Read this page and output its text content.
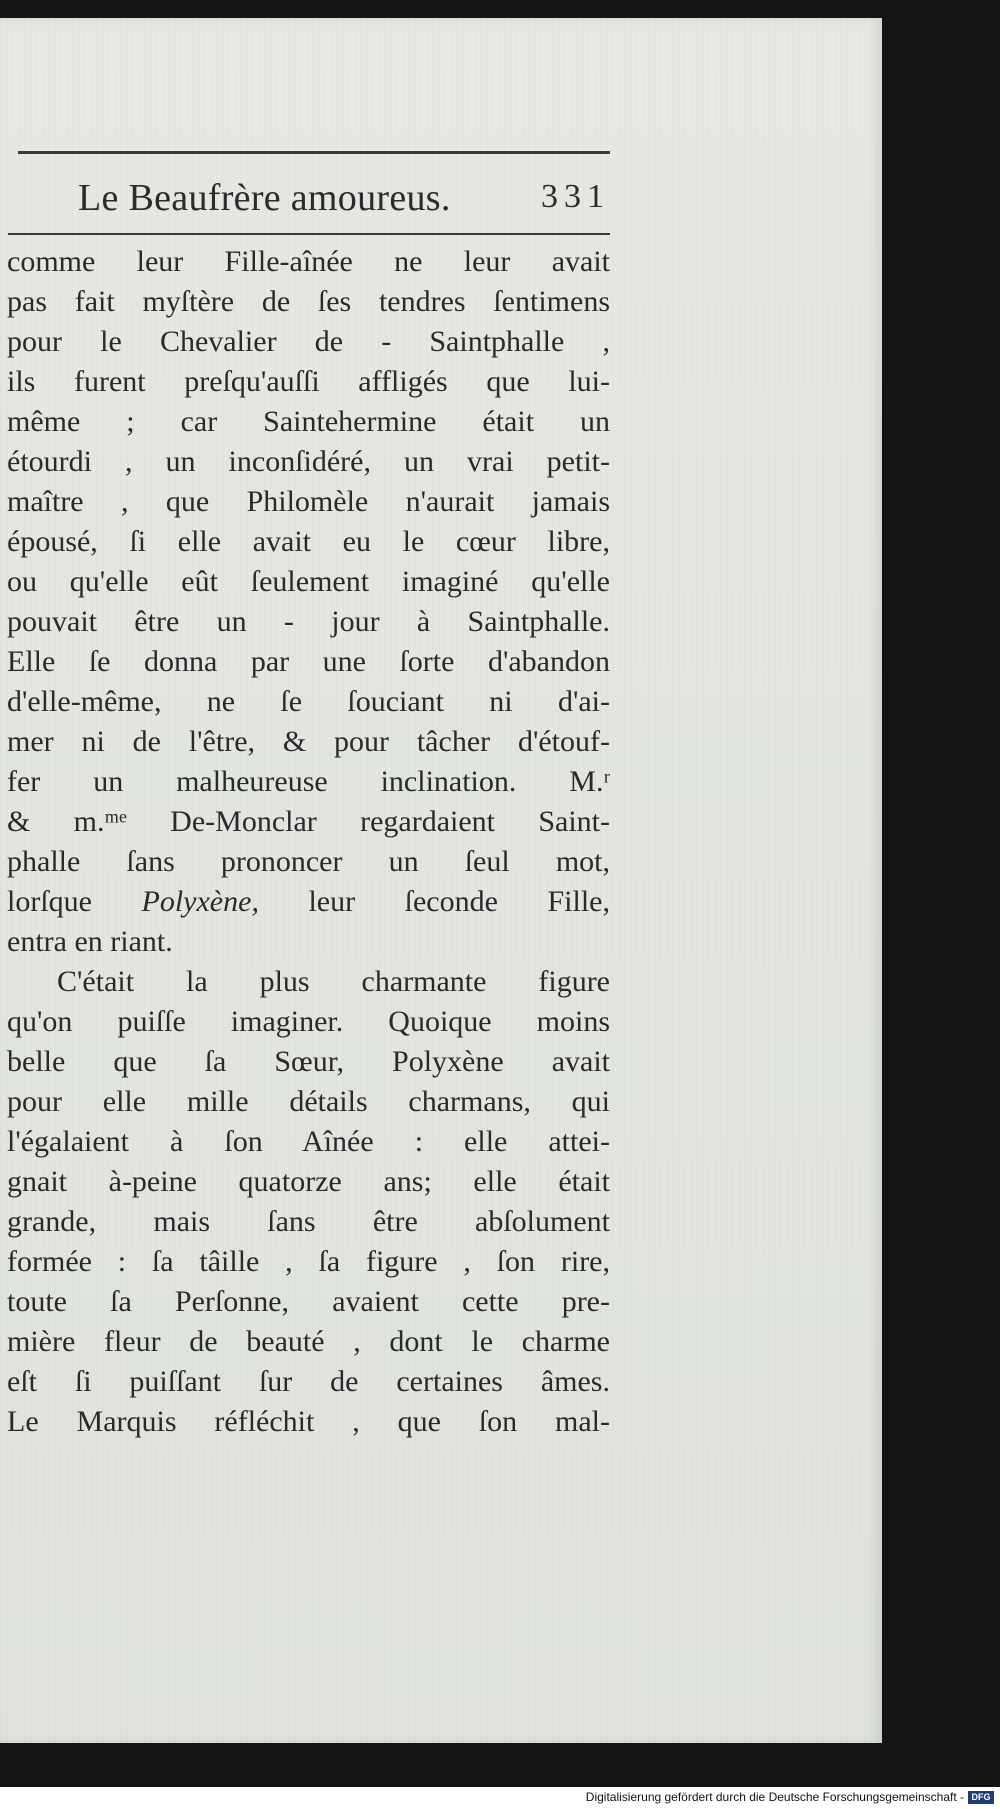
Le Beaufrère amoureus.	331
comme leur Fille-aînée ne leur avait
pas fait myſtère de ſes tendres ſentimens
pour le Chevalier de - Saintphalle ,
ils furent preſqu'auſſi affligés que lui-
même ; car Saintehermine était un
étourdi , un inconſidéré, un vrai petit-
maître , que Philomèle n'aurait jamais
épousé, ſi elle avait eu le cœur libre,
ou qu'elle eût ſeulement imaginé qu'elle
pouvait être un - jour à Saintphalle.
Elle ſe donna par une ſorte d'abandon
d'elle-même, ne ſe ſouciant ni d'ai-
mer ni de l'être, & pour tâcher d'étouf-
fer un malheureuse inclination. M.ʳ
& m.ᵐᵉ De-Monclar regardaient Saint-
phalle ſans prononcer un ſeul mot,
lorſque Polyxène, leur ſeconde Fille,
entra en riant.
C'était la plus charmante figure
qu'on puiſſe imaginer. Quoique moins
belle que ſa Sœur, Polyxène avait
pour elle mille détails charmans, qui
l'égalaient à ſon Aînée : elle attei-
gnait à-peine quatorze ans; elle était
grande, mais ſans être abſolument
formée : ſa tâille , ſa figure , ſon rire,
toute ſa Perſonne, avaient cette pre-
mière fleur de beauté , dont le charme
eſt ſi puiſſant ſur de certaines âmes.
Le Marquis réfléchit , que ſon mal-
Digitalisierung gefördert durch die Deutsche Forschungsgemeinschaft - DFG
